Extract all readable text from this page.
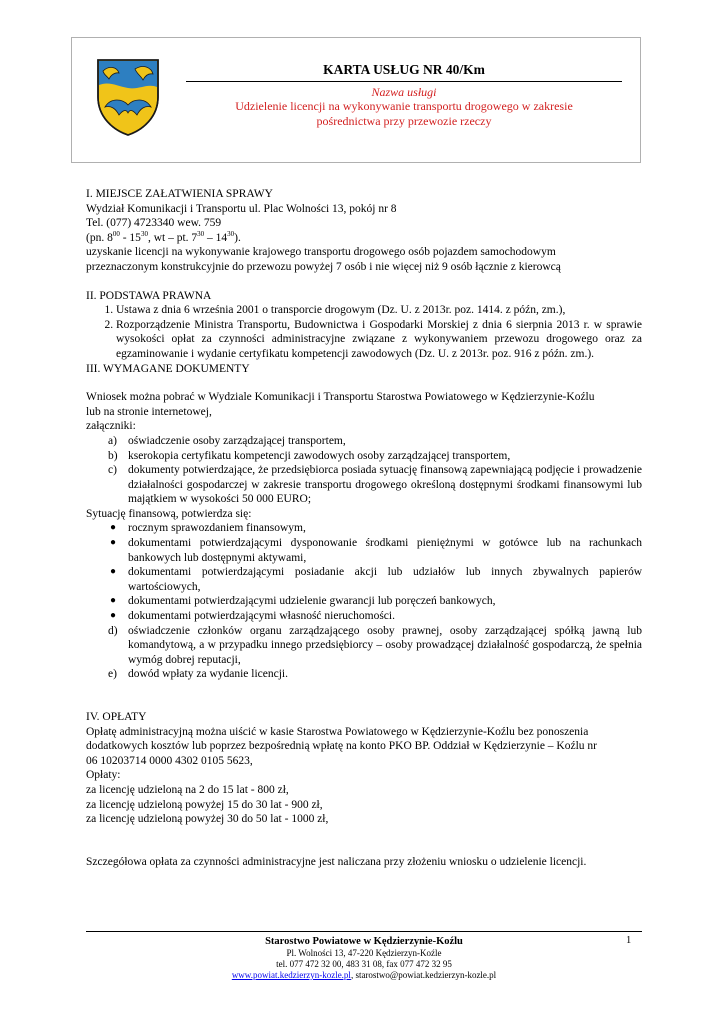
KARTA USŁUG NR 40/Km
Nazwa usługi
Udzielenie licencji na wykonywanie transportu drogowego w zakresie pośrednictwa przy przewozie rzeczy

I. MIEJSCE ZAŁATWIENIA SPRAWY

Wydział Komunikacji i Transportu ul. Plac Wolności 13, pokój nr 8

Tel. (077) 4723340 wew. 759

(pn. $8^{00} - 15^{30}$, wt – pt. $7^{30} - 14^{30}$).

uzyskanie licencji na wykonywanie krajowego transportu drogowego osób pojazdem samochodowym

przeznaczonym konstrukcyjnie do przewozu powyżej 7 osób i nie więcej niż 9 osób łącznie z kierowcą

II. PODSTAWA PRAWNA

1. Ustawa z dnia 6 września 2001 o transporcie drogowym (Dz. U. z 2013r. poz. 1414. z późn, zm.),
2. Rozporządzenie Ministra Transportu, Budownictwa i Gospodarki Morskiej z dnia 6 sierpnia 2013 r. w sprawie wysokości opłat za czynności administracyjne związane z wykonywaniem przewozu drogowego oraz za egzaminowanie i wydanie certyfikatu kompetencji zawodowych (Dz. U. z 2013r. poz. 916 z późn. zm.).

III. WYMAGANE DOKUMENTY

Wniosek można pobrać w Wydziale Komunikacji i Transportu Starostwa Powiatowego w Kędzierzynie-Koźlu

lub na stronie internetowej,

załączniki:

a) oświadczenie osoby zarządzającej transportem,
b) kserokopia certyfikatu kompetencji zawodowych osoby zarządzającej transportem,
c) dokumenty potwierdzające, że przedsiębiorca posiada sytuację finansową zapewniającą podjęcie i prowadzenie działalności gospodarczej w zakresie transportu drogowego określoną dostępnymi środkami finansowymi lub majątkiem w wysokości 50 000 EURO;

Sytuację finansową, potwierdza się:

● rocznym sprawozdaniem finansowym,
● dokumentami potwierdzającymi dysponowanie środkami pieniężnymi w gotówce lub na rachunkach bankowych lub dostępnymi aktywami,
● dokumentami potwierdzającymi posiadanie akcji lub udziałów lub innych zbywalnych papierów wartościowych,
● dokumentami potwierdzającymi udzielenie gwarancji lub poręczeń bankowych,
● dokumentami potwierdzającymi własność nieruchomości.
d) oświadczenie członków organu zarządzającego osoby prawnej, osoby zarządzającej spółką jawną lub komandytową, a w przypadku innego przedsiębiorcy – osoby prowadzącej działalność gospodarczą, że spełnia wymóg dobrej reputacji,
e) dowód wpłaty za wydanie licencji.

IV. OPŁATY

Opłatę administracyjną można uiścić w kasie Starostwa Powiatowego w Kędzierzynie-Koźlu bez ponoszenia

dodatkowych kosztów lub poprzez bezpośrednią wpłatę na konto PKO BP. Oddział w Kędzierzynie – Koźlu nr

06 10203714 0000 4302 0105 5623,

Opłaty:

za licencję udzieloną na 2 do 15 lat - 800 zł,

za licencję udzieloną powyżej 15 do 30 lat - 900 zł,

za licencję udzieloną powyżej 30 do 50 lat - 1000 zł,

Szczegółowa opłata za czynności administracyjne jest naliczana przy złożeniu wniosku o udzielenie licencji.

Starostwo Powiatowe w Kędzierzynie-Koźlu
Pl. Wolności 13, 47-220 Kędzierzyn-Koźle
tel. 077 472 32 00, 483 31 08, fax 077 472 32 95
www.powiat.kedzierzyn-kozle.pl, starostwo@powiat.kedzierzyn-kozle.pl
1
